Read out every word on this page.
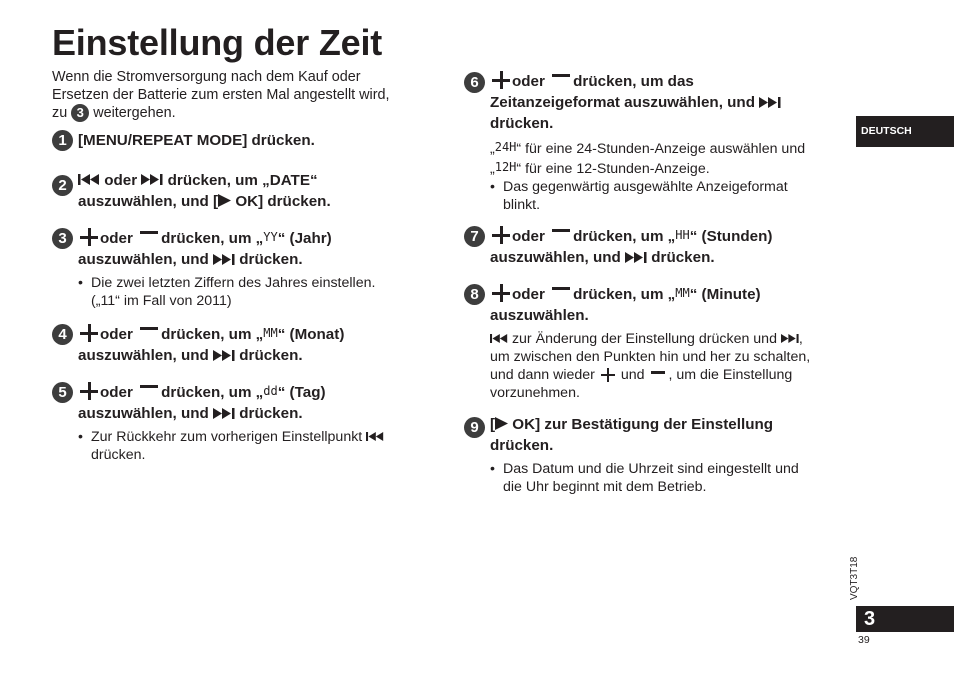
Einstellung der Zeit
Wenn die Stromversorgung nach dem Kauf oder
Ersetzen der Batterie zum ersten Mal angestellt wird,
zu 3 weitergehen.
1 [MENU/REPEAT MODE] drücken.
2	oder drücken, um „DATE“
auszuwählen, und [ OK] drücken.
3	oder drücken, um „YY“ (Jahr)
auszuwählen, und drücken.
• Die zwei letzten Ziffern des Jahres einstellen.
(„11“ im Fall von 2011)
4	oder drücken, um „MM“ (Monat)
auszuwählen, und drücken.
5	oder drücken, um „dd“ (Tag)
auszuwählen, und drücken.
• Zur Rückkehr zum vorherigen Einstellpunkt
drücken.
6	oder drücken, um das
Zeitanzeigeformat auszuwählen, und
drücken.
„24H“ für eine 24-Stunden-Anzeige auswählen und
„12H“ für eine 12-Stunden-Anzeige.
• Das gegenwärtig ausgewählte Anzeigeformat
blinkt.
7	oder drücken, um „HH“ (Stunden)
auszuwählen, und drücken.
8	oder drücken, um „MM“ (Minute)
auszuwählen.
zur Änderung der Einstellung drücken und ,
um zwischen den Punkten hin und her zu schalten,
und dann wieder und , um die Einstellung
vorzunehmen.
9 [ OK] zur Bestätigung der Einstellung
drücken.
• Das Datum und die Uhrzeit sind eingestellt und
die Uhr beginnt mit dem Betrieb.
DEUTSCH
VQT3T18
3
39
